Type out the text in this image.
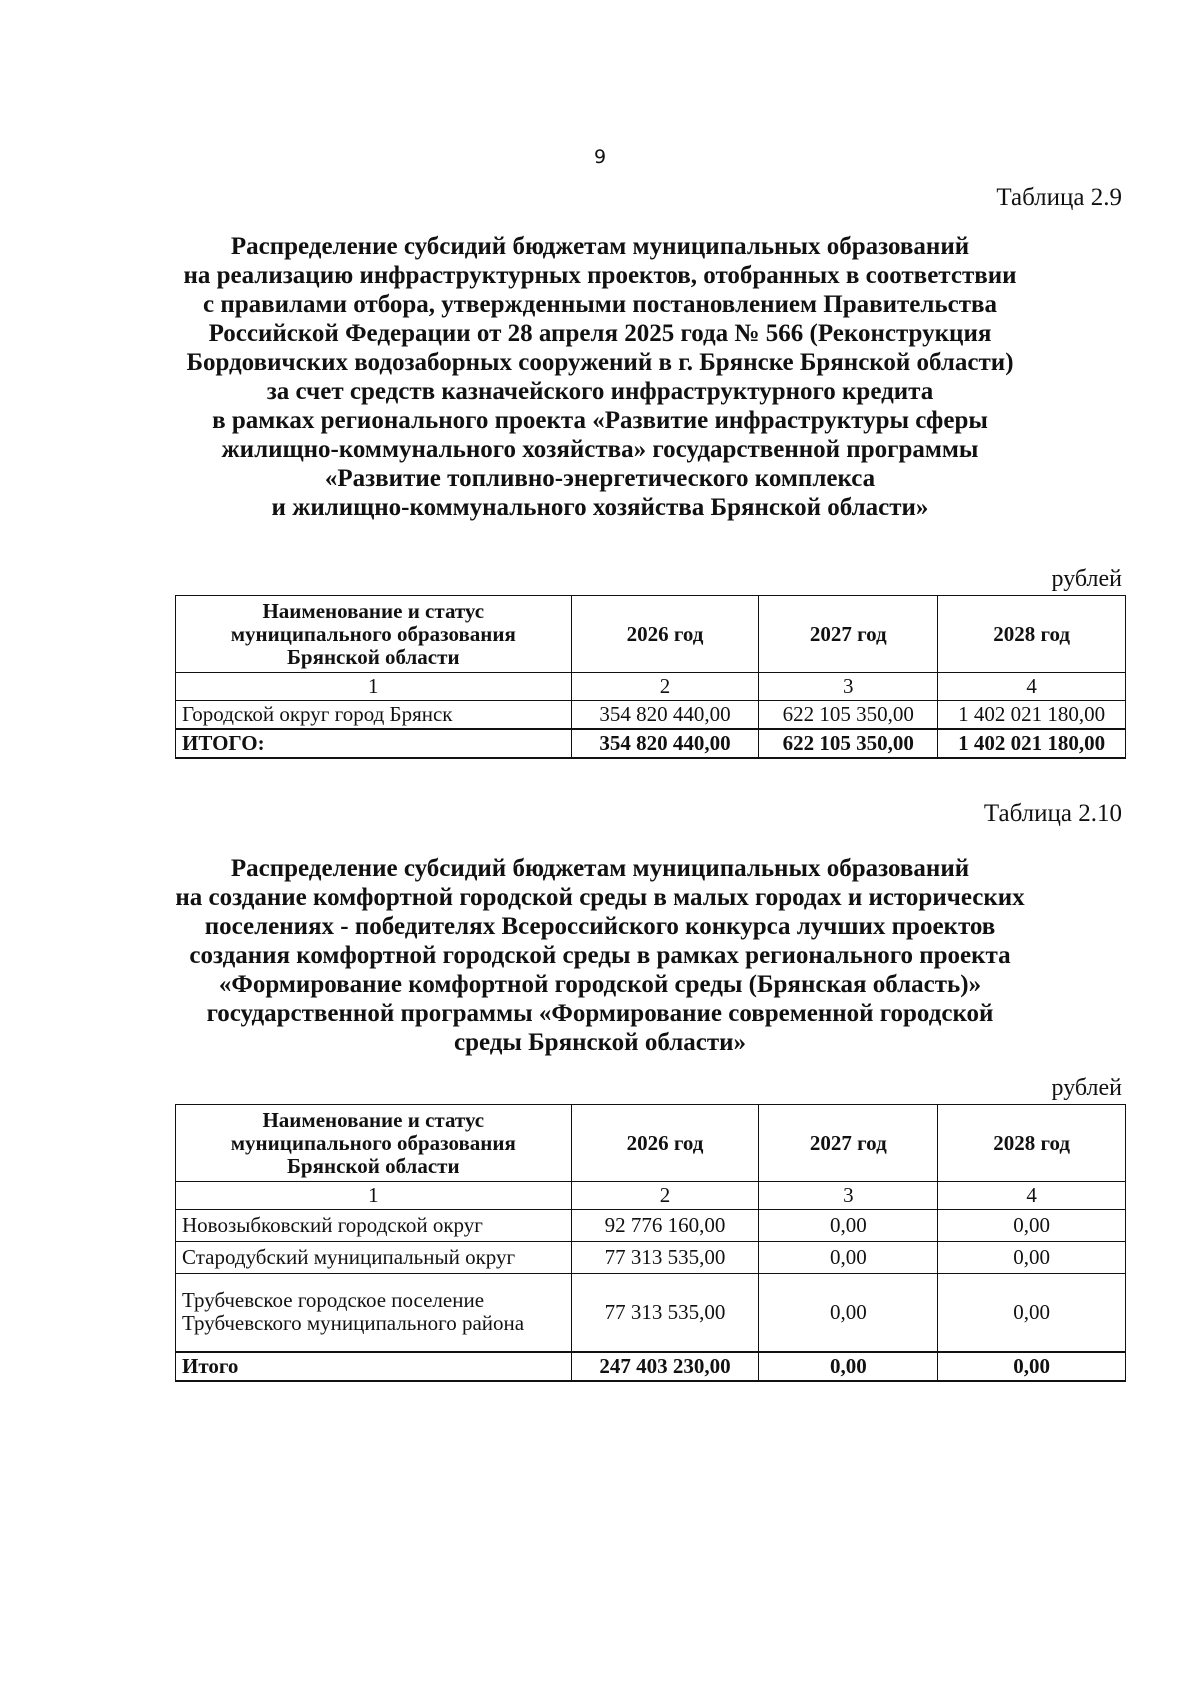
9
Таблица 2.9
Распределение субсидий бюджетам муниципальных образований
на реализацию инфраструктурных проектов, отобранных в соответствии
с правилами отбора, утвержденными постановлением Правительства
Российской Федерации от 28 апреля 2025 года № 566 (Реконструкция
Бордовичских водозаборных сооружений в г. Брянске Брянской области)
за счет средств казначейского инфраструктурного кредита
в рамках регионального проекта «Развитие инфраструктуры сферы
жилищно-коммунального хозяйства» государственной программы
«Развитие топливно-энергетического комплекса
и жилищно-коммунального хозяйства Брянской области»
рублей
Наименование и статус муниципального образования Брянской области	2026 год	2027 год	2028 год
1	2	3	4
Городской округ город Брянск	354 820 440,00	622 105 350,00	1 402 021 180,00
ИТОГО:	354 820 440,00	622 105 350,00	1 402 021 180,00
Таблица 2.10
Распределение субсидий бюджетам муниципальных образований
на создание комфортной городской среды в малых городах и исторических
поселениях - победителях Всероссийского конкурса лучших проектов
создания комфортной городской среды в рамках регионального проекта
«Формирование комфортной городской среды (Брянская область)»
государственной программы «Формирование современной городской
среды Брянской области»
рублей
Наименование и статус муниципального образования Брянской области	2026 год	2027 год	2028 год
1	2	3	4
Новозыбковский городской округ	92 776 160,00	0,00	0,00
Стародубский муниципальный округ	77 313 535,00	0,00	0,00
Трубчевское городское поселение Трубчевского муниципального района	77 313 535,00	0,00	0,00
Итого	247 403 230,00	0,00	0,00
